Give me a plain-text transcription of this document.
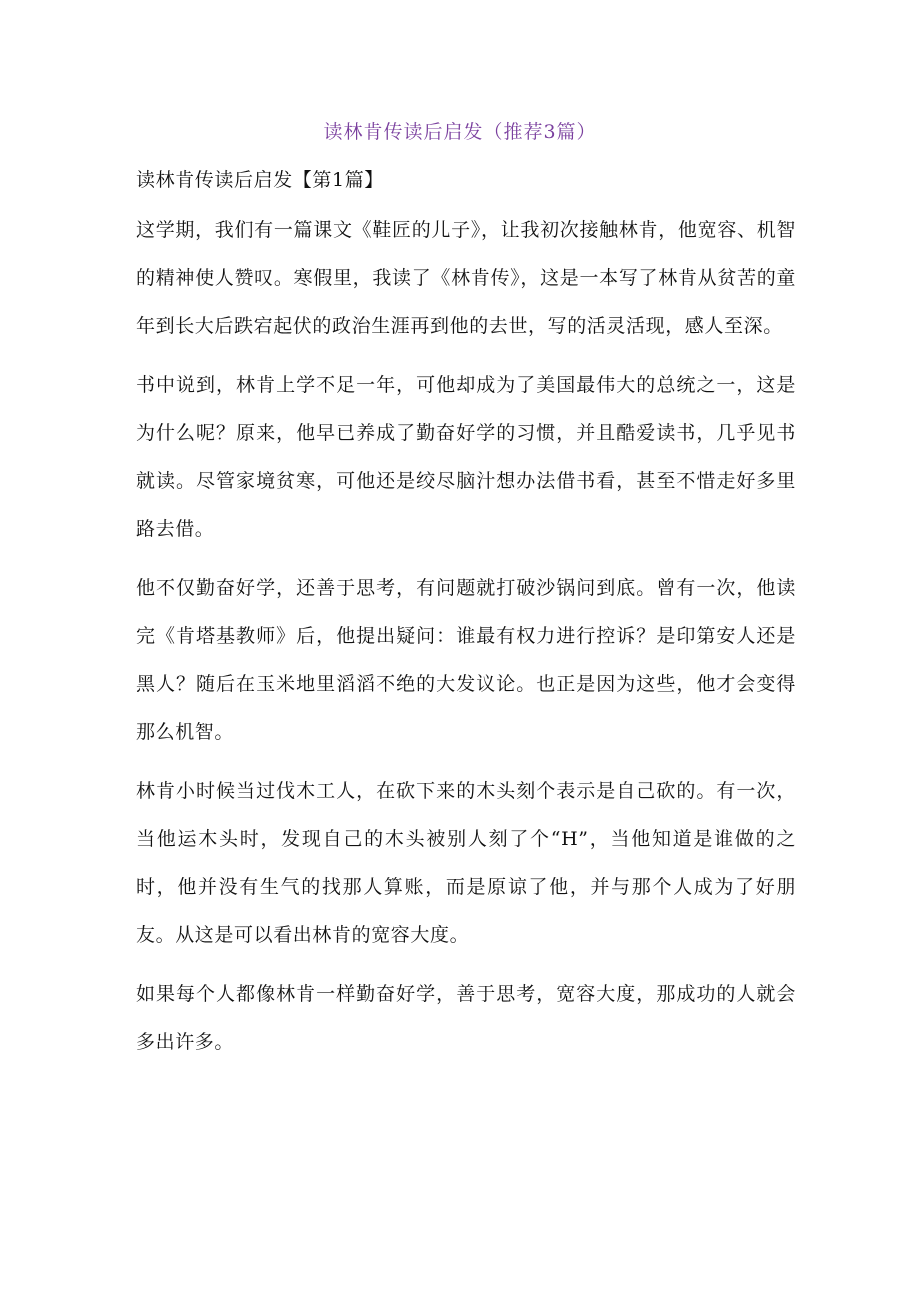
读林肯传读后启发（推荐3篇）
读林肯传读后启发【第1篇】

这学期，我们有一篇课文《鞋匠的儿子》，让我初次接触林肯，他宽容、机智的精神使人赞叹。寒假里，我读了《林肯传》，这是一本写了林肯从贫苦的童年到长大后跌宕起伏的政治生涯再到他的去世，写的活灵活现，感人至深。

书中说到，林肯上学不足一年，可他却成为了美国最伟大的总统之一，这是为什么呢？原来，他早已养成了勤奋好学的习惯，并且酷爱读书，几乎见书就读。尽管家境贫寒，可他还是绞尽脑汁想办法借书看，甚至不惜走好多里路去借。

他不仅勤奋好学，还善于思考，有问题就打破沙锅问到底。曾有一次，他读完《肯塔基教师》后，他提出疑问：谁最有权力进行控诉？是印第安人还是黑人？随后在玉米地里滔滔不绝的大发议论。也正是因为这些，他才会变得那么机智。

林肯小时候当过伐木工人，在砍下来的木头刻个表示是自己砍的。有一次，当他运木头时，发现自己的木头被别人刻了个“H”，当他知道是谁做的之时，他并没有生气的找那人算账，而是原谅了他，并与那个人成为了好朋友。从这是可以看出林肯的宽容大度。

如果每个人都像林肯一样勤奋好学，善于思考，宽容大度，那成功的人就会多出许多。
